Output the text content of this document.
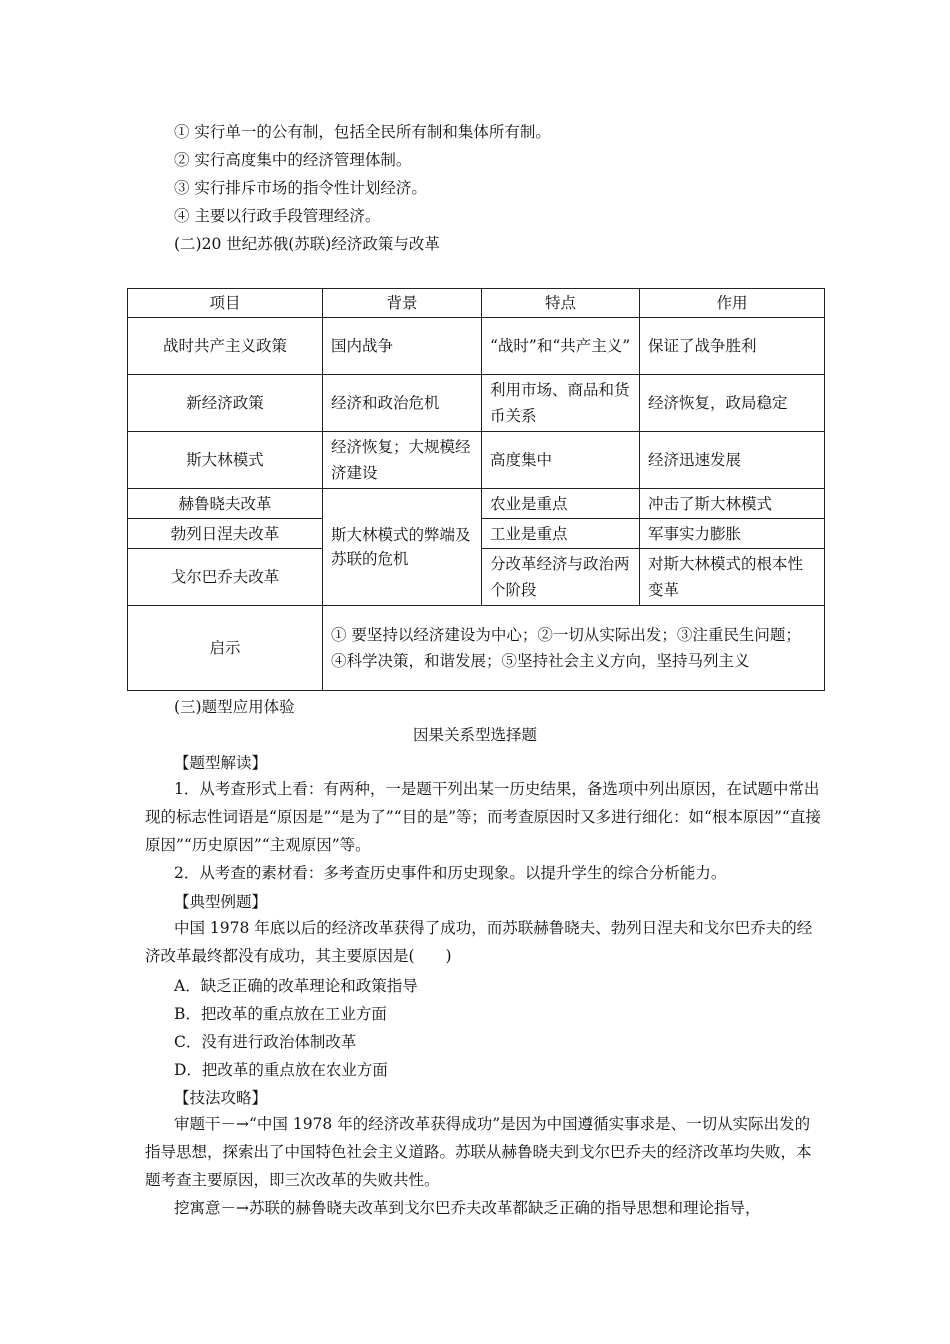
① 实行单一的公有制，包括全民所有制和集体所有制。
② 实行高度集中的经济管理体制。
③ 实行排斥市场的指令性计划经济。
④ 主要以行政手段管理经济。
(二)20 世纪苏俄(苏联)经济政策与改革
项目	背景	特点	作用
战时共产主义政策	国内战争	“战时”和“共产主义”	保证了战争胜利
新经济政策	经济和政治危机	利用市场、商品和货币关系	经济恢复，政局稳定
斯大林模式	经济恢复；大规模经济建设	高度集中	经济迅速发展
赫鲁晓夫改革	斯大林模式的弊端及苏联的危机	农业是重点	冲击了斯大林模式
勃列日涅夫改革		工业是重点	军事实力膨胀
戈尔巴乔夫改革		分改革经济与政治两个阶段	对斯大林模式的根本性变革
启示	① 要坚持以经济建设为中心；②一切从实际出发；③注重民生问题；④科学决策，和谐发展；⑤坚持社会主义方向，坚持马列主义		
(三)题型应用体验
因果关系型选择题
【题型解读】
1．从考查形式上看：有两种，一是题干列出某一历史结果，备选项中列出原因，在试题中常出现的标志性词语是“原因是”“是为了”“目的是”等；而考查原因时又多进行细化：如“根本原因”“直接原因”“历史原因”“主观原因”等。
2．从考查的素材看：多考查历史事件和历史现象。以提升学生的综合分析能力。
【典型例题】
中国 1978 年底以后的经济改革获得了成功，而苏联赫鲁晓夫、勃列日涅夫和戈尔巴乔夫的经济改革最终都没有成功，其主要原因是(　　)
A．缺乏正确的改革理论和政策指导
B．把改革的重点放在工业方面
C．没有进行政治体制改革
D．把改革的重点放在农业方面
【技法攻略】
审题干－→“中国 1978 年的经济改革获得成功”是因为中国遵循实事求是、一切从实际出发的指导思想，探索出了中国特色社会主义道路。苏联从赫鲁晓夫到戈尔巴乔夫的经济改革均失败，本题考查主要原因，即三次改革的失败共性。
挖寓意－→苏联的赫鲁晓夫改革到戈尔巴乔夫改革都缺乏正确的指导思想和理论指导，
